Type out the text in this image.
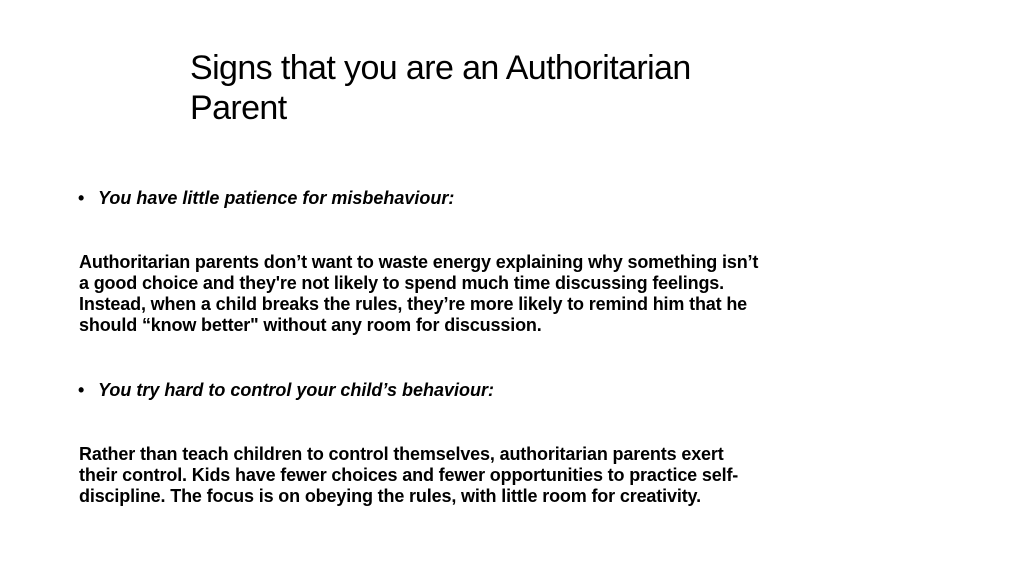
Signs that you are an Authoritarian
Parent
• You have little patience for misbehaviour:
Authoritarian parents don’t want to waste energy explaining why something isn’t
a good choice and they're not likely to spend much time discussing feelings.
Instead, when a child breaks the rules, they’re more likely to remind him that he
should “know better" without any room for discussion.
• You try hard to control your child’s behaviour:
Rather than teach children to control themselves, authoritarian parents exert
their control. Kids have fewer choices and fewer opportunities to practice self-
discipline. The focus is on obeying the rules, with little room for creativity.
